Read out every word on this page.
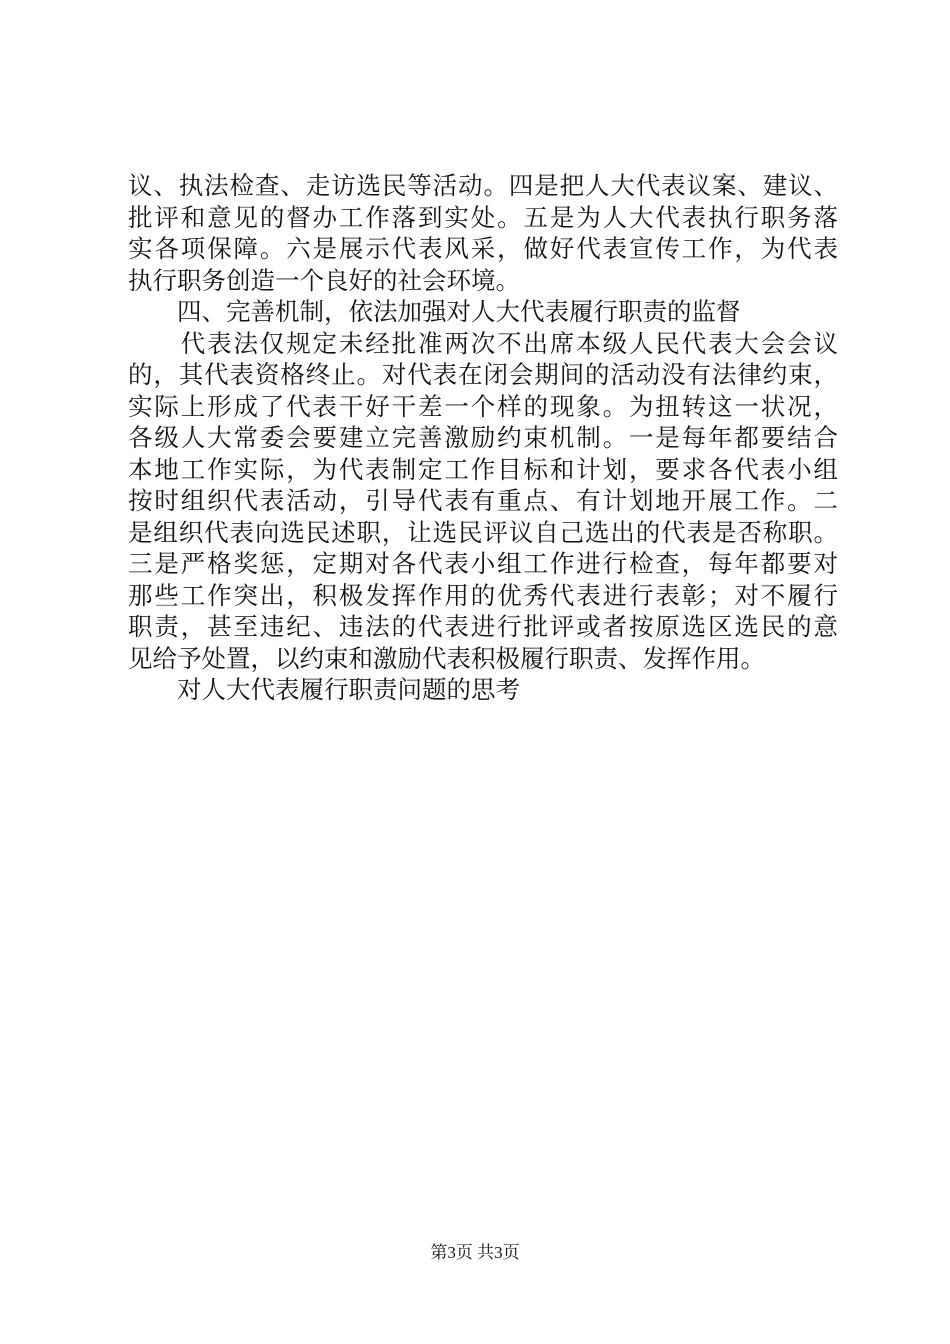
议、执法检查、走访选民等活动。四是把人大代表议案、建议、
批评和意见的督办工作落到实处。五是为人大代表执行职务落
实各项保障。六是展示代表风采，做好代表宣传工作，为代表
执行职务创造一个良好的社会环境。
　　四、完善机制，依法加强对人大代表履行职责的监督
　　代表法仅规定未经批准两次不出席本级人民代表大会会议
的，其代表资格终止。对代表在闭会期间的活动没有法律约束，
实际上形成了代表干好干差一个样的现象。为扭转这一状况，
各级人大常委会要建立完善激励约束机制。一是每年都要结合
本地工作实际，为代表制定工作目标和计划，要求各代表小组
按时组织代表活动，引导代表有重点、有计划地开展工作。二
是组织代表向选民述职，让选民评议自己选出的代表是否称职。
三是严格奖惩，定期对各代表小组工作进行检查，每年都要对
那些工作突出，积极发挥作用的优秀代表进行表彰；对不履行
职责，甚至违纪、违法的代表进行批评或者按原选区选民的意
见给予处置，以约束和激励代表积极履行职责、发挥作用。
　　对人大代表履行职责问题的思考
第3页 共3页
